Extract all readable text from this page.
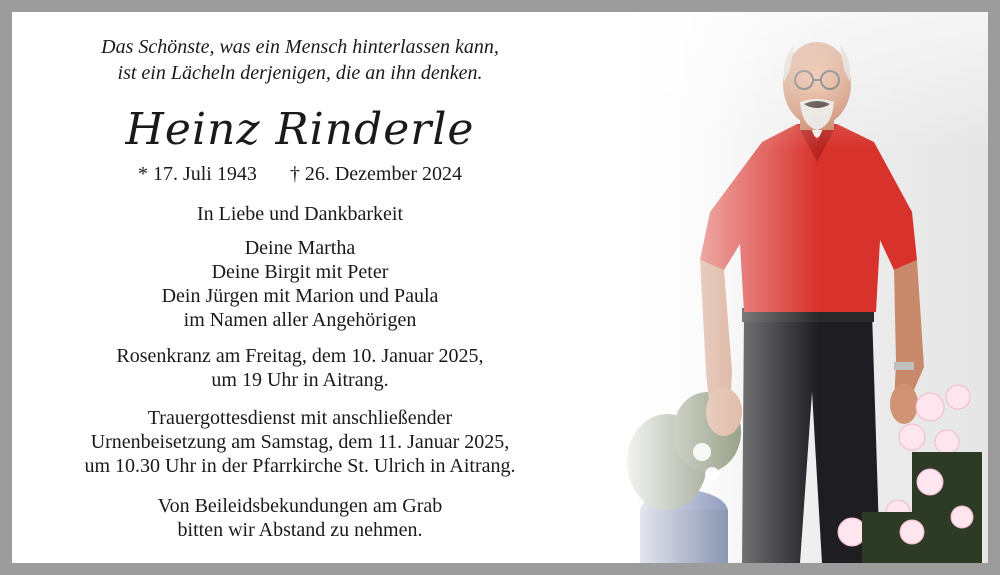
Das Schönste, was ein Mensch hinterlassen kann,
ist ein Lächeln derjenigen, die an ihn denken.
Heinz Rinderle
* 17. Juli 1943 † 26. Dezember 2024
In Liebe und Dankbarkeit
Deine Martha
Deine Birgit mit Peter
Dein Jürgen mit Marion und Paula
im Namen aller Angehörigen
Rosenkranz am Freitag, dem 10. Januar 2025,
um 19 Uhr in Aitrang.
Trauergottesdienst mit anschließender
Urnenbeisetzung am Samstag, dem 11. Januar 2025,
um 10.30 Uhr in der Pfarrkirche St. Ulrich in Aitrang.
Von Beileidsbekundungen am Grab
bitten wir Abstand zu nehmen.
